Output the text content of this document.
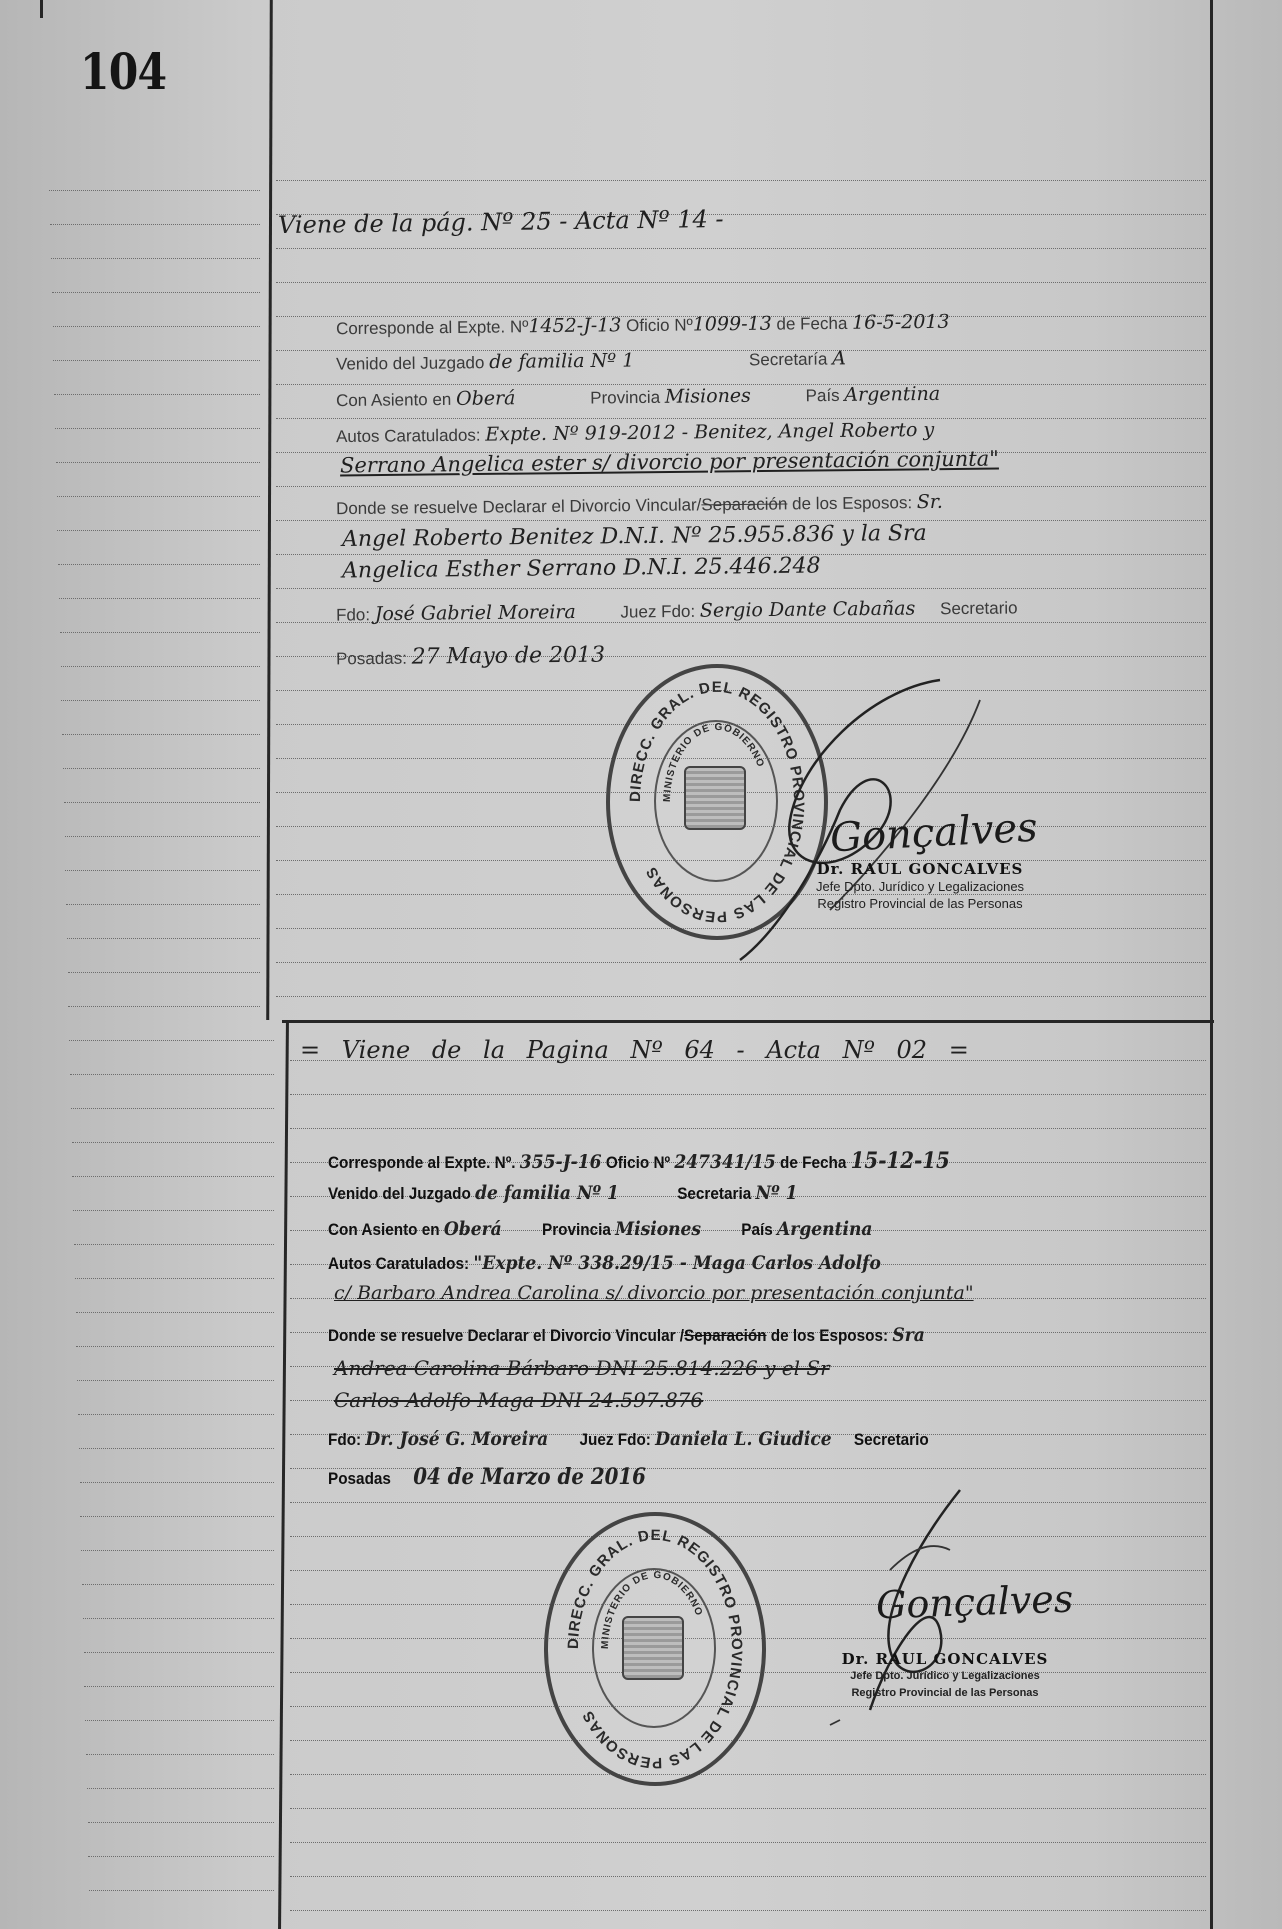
104
Viene de la pág. Nº 25 - Acta Nº 14 -
Corresponde al Expte. Nº1452-J-13 Oficio Nº1099-13 de Fecha 16-5-2013
Venido del Juzgado de familia Nº 1	Secretaría A
Con Asiento en Oberá	Provincia Misiones	País Argentina
Autos Caratulados: Expte. Nº 919-2012 - Benitez, Angel Roberto y
Serrano Angelica ester s/ divorcio por presentación conjunta"
Donde se resuelve Declarar el Divorcio Vincular/Separación de los Esposos: Sr.
Angel Roberto Benitez D.N.I. Nº 25.955.836 y la Sra
Angelica Esther Serrano D.N.I. 25.446.248
Fdo: José Gabriel Moreira	Juez Fdo: Sergio Dante Cabañas Secretario
Posadas: 27 Mayo de 2013
DIRECC. GRAL. DEL REGISTRO PROVINCIAL DE LAS PERSONAS
MINISTERIO DE GOBIERNO
Gonçalves
Dr. RAUL GONCALVES
Jefe Dpto. Jurídico y Legalizaciones
Registro Provincial de las Personas
= Viene de la Pagina Nº 64 - Acta Nº 02 =
Corresponde al Expte. Nº. 355-J-16 Oficio Nº 247341/15 de Fecha 15-12-15
Venido del Juzgado de familia Nº 1	Secretaria Nº 1
Con Asiento en Oberá Provincia Misiones País Argentina
Autos Caratulados: "Expte. Nº 338.29/15 - Maga Carlos Adolfo
c/ Barbaro Andrea Carolina s/ divorcio por presentación conjunta"
Donde se resuelve Declarar el Divorcio Vincular /Separación de los Esposos: Sra
Andrea Carolina Bárbaro DNI 25.814.226 y el Sr
Carlos Adolfo Maga DNI 24.597.876
Fdo: Dr. José G. Moreira Juez Fdo: Daniela L. Giudice Secretario
Posadas 04 de Marzo de 2016
DIRECC. GRAL. DEL REGISTRO PROVINCIAL DE LAS PERSONAS
MINISTERIO DE GOBIERNO	Gonçalves
Dr. RAUL GONCALVES
Jefe Dpto. Jurídico y Legalizaciones
Registro Provincial de las Personas
